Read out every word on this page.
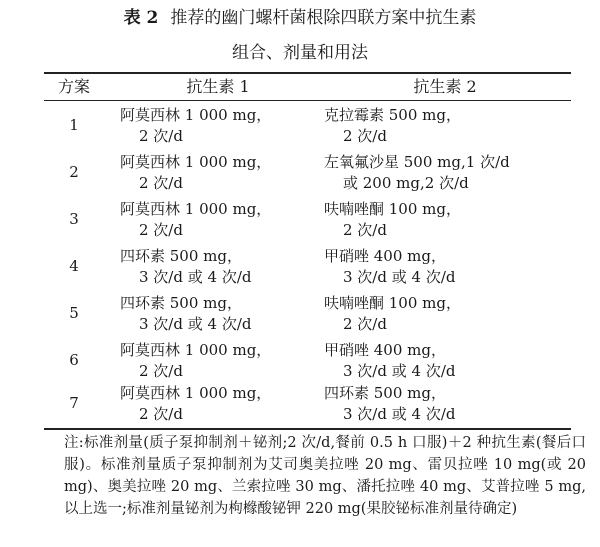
表 2 推荐的幽门螺杆菌根除四联方案中抗生素
组合、剂量和用法
方案	抗生素 1	抗生素 2
1
阿莫西林 1 000 mg，
2 次/d
克拉霉素 500 mg，
2 次/d
2
阿莫西林 1 000 mg，
2 次/d
左氧氟沙星 500 mg,1 次/d
或 200 mg,2 次/d
3
阿莫西林 1 000 mg，
2 次/d
呋喃唑酮 100 mg，
2 次/d
4
四环素 500 mg，
3 次/d 或 4 次/d
甲硝唑 400 mg，
3 次/d 或 4 次/d
5
四环素 500 mg，
3 次/d 或 4 次/d
呋喃唑酮 100 mg，
2 次/d
6
阿莫西林 1 000 mg，
2 次/d
甲硝唑 400 mg，
3 次/d 或 4 次/d
7
阿莫西林 1 000 mg，
2 次/d
四环素 500 mg，
3 次/d 或 4 次/d
注:标准剂量(质子泵抑制剂＋铋剂;2 次/d,餐前 0.5 h 口服)＋2 种抗生素(餐后口服)。标准剂量质子泵抑制剂为艾司奥美拉唑 20 mg、雷贝拉唑 10 mg(或 20 mg)、奥美拉唑 20 mg、兰索拉唑 30 mg、潘托拉唑 40 mg、艾普拉唑 5 mg,以上选一;标准剂量铋剂为枸橼酸铋钾 220 mg(果胶铋标准剂量待确定)
